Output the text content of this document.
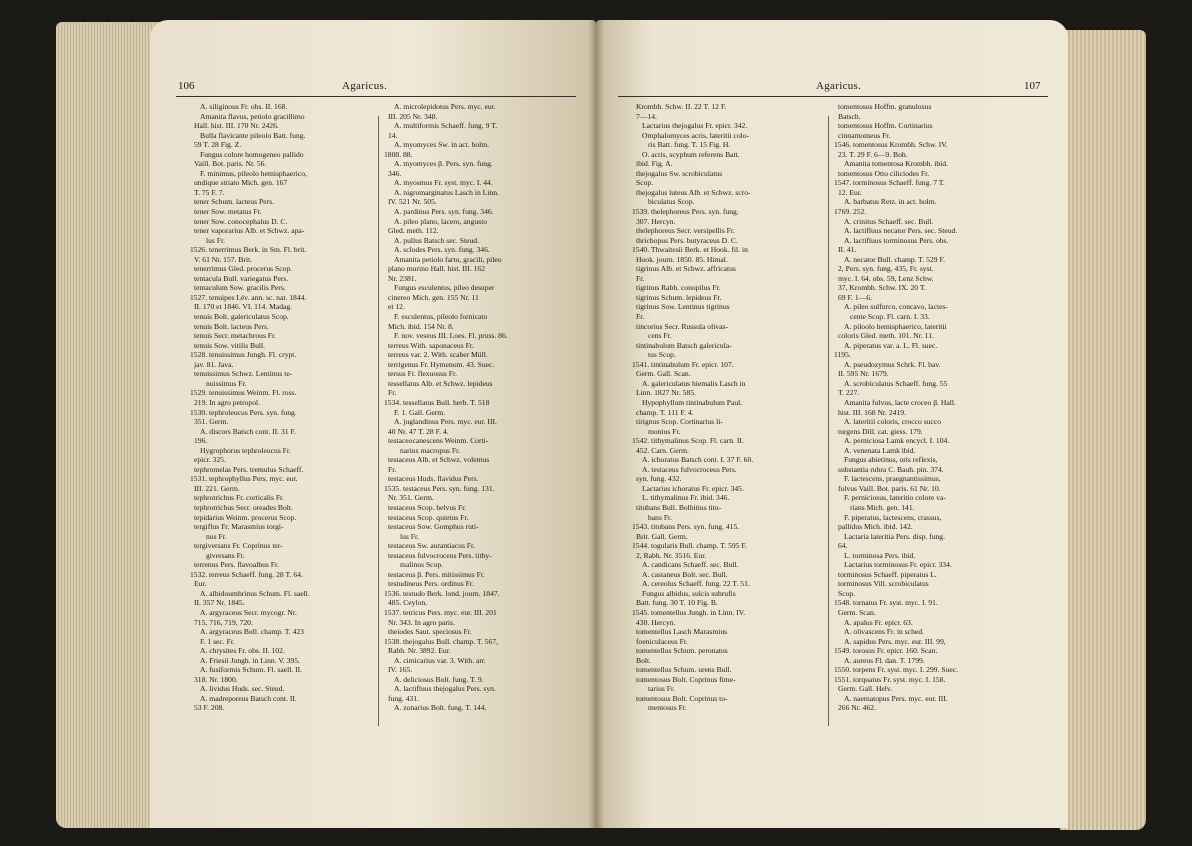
106	Agaricus.
A. siliginous Fr. obs. II. 168.
Amanita flavus, petiolo gracillimo
Hall. hist. III. 170 Nr. 2426.
Bulla flavicante pileolo Batt. fung.
59 T. 28 Fig. Z.
Fungus colore homogeneo pallido
Vaill. Bot. paris. Nr. 56.
F. minimus, pileolo hemisphaerico,
undique striato Mich. gen. 167
T. 75 F. 7.
tener Schum. lacteus Pers.
tener Sow. metatus Fr.
tener Sow. conocephalus D. C.
tener vaporarius Alb. et Schwz. apa-
lus Fr.
1526. tenerrimus Berk. in Sm. Fl. brit.
V. 61 Nr. 157. Brit.
tenerrimus Gled. procerus Scop.
tentacula Bull. variegatus Pers.
tentaculum Sow. gracilis Pers.
1527. tenuipes Lév. ann. sc. nat. 1844.
II. 170 et 1846. VI. 114. Madag.
tenuis Bolt. galericulatus Scop.
tenuis Bolt. lacteus Pers.
tenuis Secr. metachrous Fr.
tenuis Sow. vitilis Bull.
1528. tenuissimus Jungh. Fl. crypt.
jav. 81. Java.
tenuissimus Schwz. Lentinus te-
nuissimus Fr.
1529. tenuissimus Weinm. Fl. ross.
219. In agro petropol.
1530. tephroleucus Pers. syn. fung.
351. Germ.
A. discors Batsch cont. II. 31 F.
196.
Hygrophorus tephroleucus Fr.
epicr. 325.
tephromelas Pers. tremulus Schaeff.
1531. tephrophyllus Pers. myc. eur.
III. 221. Germ.
tephrotrichus Fr. corticalis Fr.
tephrotrichus Secr. oreades Bolt.
tepidarius Weinm. procerus Scop.
tergiflus Fr. Marasmius torgi-
nus Fr.
tergiversans Fr. Coprinus ter-
giversans Fr.
terrenus Pers. flavoalbus Fr.
1532. terreus Schaeff. fung. 28 T. 64.
Eur.
A. albidoumbrinus Schum. Fl. saell.
II. 357 Nr. 1845.
A. argyraceus Secr. mycogr. Nr.
715, 716, 719, 720.
A. argyraceus Bull. champ. T. 423
F. 1 sec. Fr.
A. chrysites Fr. obs. II. 102.
A. Friesii Jungh. in Linn. V. 395.
A. fusiformis Schum. Fl. saell. II.
318. Nr. 1800.
A. lividus Huds. sec. Steud.
A. madreporeus Batsch cont. II.
53 F. 208.
A. microlepidotus Pers. myc. eur.
III. 205 Nr. 348.
A. multiformis Schaeff. fung. 9 T.
14.
A. myomyces Sw. in act. holm.
1808. 88.
A. myomyces β. Pers. syn. fung.
346.
A. myosmus Fr. syst. myc. I. 44.
A. nigromarginatus Lasch in Linn.
IV. 521 Nr. 505.
A. pardinus Pers. syn. fung. 346.
A. pileo plano, lacero, angusto
Gled. meth. 112.
A. pullus Batsch sec. Steud.
A. sclodes Pers. syn. fung. 346.
Amanita petiolo farto, gracili, pileo
plano murino Hall. hist. III. 162
Nr. 2381.
Fungus esculentus, pileo desuper
cinereo Mich. gen. 155 Nr. 11
et 12.
F. esculentus, pileolo fornicato
Mich. ibid. 154 Nr. 8.
F. nov. veseus III. Loes. Fl. pruss. 86.
terreus With. saponaceus Fr.
terreus var. 2. With. scaber Müll.
terrigenus Fr. Hymenom. 43. Suec.
tersus Fr. flexuosus Fr.
tessellatus Alb. et Schwz. lepideus
Fr.
1534. tessellatus Bull. herb. T. 518
F. 1. Gall. Germ.
A. juglandinus Pers. myc. eur. III.
40 Nr. 47 T. 28 F. 4.
testaceocanescens Weinm. Corti-
narius macropus Fr.
testaceus Alb. et Schwz. volemus
Fr.
testaceus Huds. flavidus Pers.
1535. testaceus Pers. syn. fung. 131.
Nr. 351. Germ.
testaceus Scop. helvus Fr.
testaceus Scop. quietus Fr.
testaceus Sow. Gomphus ruti-
lus Fr.
testaceus Sw. aurantiacus Fr.
testaceus fulvocroceus Pers. tithy-
malinus Scop.
testaceus β. Pers. mitissimus Fr.
testudineus Pers. ordinus Fr.
1536. testudo Berk. lond. journ. 1847.
485. Ceylon.
1537. tetricus Pers. myc. eur. III. 201
Nr. 343. In agro paris.
theiodes Saut. speciosus Fr.
1538. thejogalus Bull. champ. T. 567,
Rabh. Nr. 3892. Eur.
A. cimicarius var. 3. With. arr.
IV. 165.
A. deliciosus Bolt. fung. T. 9.
A. lactifluus thejogalus Pers. syn.
fung. 431.
A. zonarius Bolt. fung. T. 144.
Agaricus.	107
Krombh. Schw. II. 22 T. 12 F.
7—14.
Lactarius thejogalus Fr. epicr. 342.
Omphalomyces acris, lateritii colo-
ris Batt. fung. T. 15 Fig. H.
O. acris, scyphum referens Batt.
ibid. Fig. A.
thejogalus Sw. scrobiculatus
Scop.
thejogalus luteus Alb. et Schwz. scro-
biculatus Scop.
1539. thelephoreus Pers. syn. fung.
307. Hercyn.
thelephoreus Secr. versipellis Fr.
thrichopus Pers. butyraceus D. C.
1540. Thwaitesii Berk. et Hook. fil. in
Hook. journ. 1850. 85. Himal.
tigrinus Alb. et Schwz. affricatus
Fr.
tigrinus Rabh. conopilus Fr.
tigrinus Schum. lepideus Fr.
tigrinus Sow. Lentinus tigrinus
Fr.
tincorius Secr. Russula olivas-
cens Fr.
tintinabulum Batsch galericula-
tus Scop.
1541. tintinabulum Fr. epicr. 107.
Germ. Gall. Scan.
A. galericulatus hiemalis Lasch in
Linn. 1827 Nr. 585.
Hypophyllum tintinabulum Paul.
champ. T. 111 F. 4.
tirignus Scop. Cortinarius li-
monius Fr.
1542. tithymalinus Scop. Fl. carn. II.
452. Carn. Germ.
A. ichoratus Batsch cont. I. 37 F. 60.
A. testaceus fulvocroceus Pers.
syn. fung. 432.
Lactarius ichoratus Fr. epicr. 345.
L. tithymalinus Fr. ibid. 346.
titubans Bull. Bolbitius titu-
bans Fr.
1543. titubans Pers. syn. fung. 415.
Brit. Gall. Germ.
1544. togularis Bull. champ. T. 595 F.
2, Rabh. Nr. 3516. Eur.
A. candicans Schaeff. sec. Bull.
A. castaneus Bolt. sec. Bull.
A. cereolus Schaeff. fung. 22 T. 51.
Fungus albidus, sulcis subrufis
Batt. fung. 30 T. 10 Fig. B.
1545. tomentellus Jungh. in Linn. IV.
430. Hercyn.
tomentellus Lasch Marasmius
foeniculaceus Fr.
tomentellus Schum. peronatus
Bolt.
tomentellus Schum. urens Bull.
tomentosus Bolt. Coprinus fime-
tarius Fr.
tomentosus Bolt. Coprinus to-
mentosus Fr.
tomentosus Hoffm. granulosus
Batsch.
tomentosus Hoffm. Cortinarius
cinnamomeus Fr.
1546. tomentosus Krombh. Schw. IV.
23. T. 29 F. 6—9. Boh.
Amanita tomentosa Krombh. ibid.
tomentosus Otto ciliciodes Fr.
1547. torminosus Schaeff. fung. 7 T.
12. Eur.
A. barbatus Retz. in act. holm.
1769. 252.
A. crinitus Schaeff. sec. Bull.
A. lactifluus necator Pers. sec. Steud.
A. lactifluus torminosus Pers. obs.
II. 41.
A. necator Bull. champ. T. 529 F.
2, Pers. syn. fung. 435, Fr. syst.
myc. I. 64. obs. 59, Lenz Schw.
37, Krombh. Schw. IX. 20 T.
69 F. 1—6.
A. pileo sulfurco, concavo, lactes-
cente Scop. Fl. carn. I. 33.
A. piloolo hemisphaerico, lateritii
coloris Gled. meth. 101. Nr. 11.
A. piperatus var. a. L. Fl. suec.
1195.
A. pseudozymus Schrk. Fl. bav.
II. 595 Nr. 1679.
A. scrobiculatus Schaeff. fung. 55
T. 227.
Amanita fulvus, lacte croceo β. Hall.
hist. III. 168 Nr. 2419.
A. lateritii coloris, crocco succo
turgens Dill. cat. giess. 179.
A. perniciosa Lamk encycl. I. 104.
A. venenata Lamk ibid.
Fungus abietinus, oris reflexis,
substantia rubra C. Bauh. pin. 374.
F. lactescens, praegnantissimus,
fulvus Vaill. Bot. paris. 61 Nr. 10.
F. perniciosus, lateritio colore va-
rians Mich. gen. 141.
F. piperatus, lactescens, crassus,
pallidus Mich. ibid. 142.
Lactaria lateritia Pers. disp. fung.
64.
L. torminosa Pers. ibid.
Lactarius torminosus Fr. epicr. 334.
torminosus Schaeff. piperatus L.
torminosus Vill. scrobiculatus
Scop.
1548. tornatus Fr. syst. myc. I. 91.
Germ. Scan.
A. apalus Fr. epicr. 63.
A. olivascens Fr. in sched.
A. sapidus Pers. myc. eur. III. 99,
1549. torosus Fr. epicr. 160. Scan.
A. aureus Fl. dan. T. 1799.
1550. torpens Fr. syst. myc. I. 299. Suec.
1551. torquatus Fr. syst. myc. I. 158.
Germ. Gall. Helv.
A. naematopus Pers. myc. eur. III.
266 Nr. 462.
